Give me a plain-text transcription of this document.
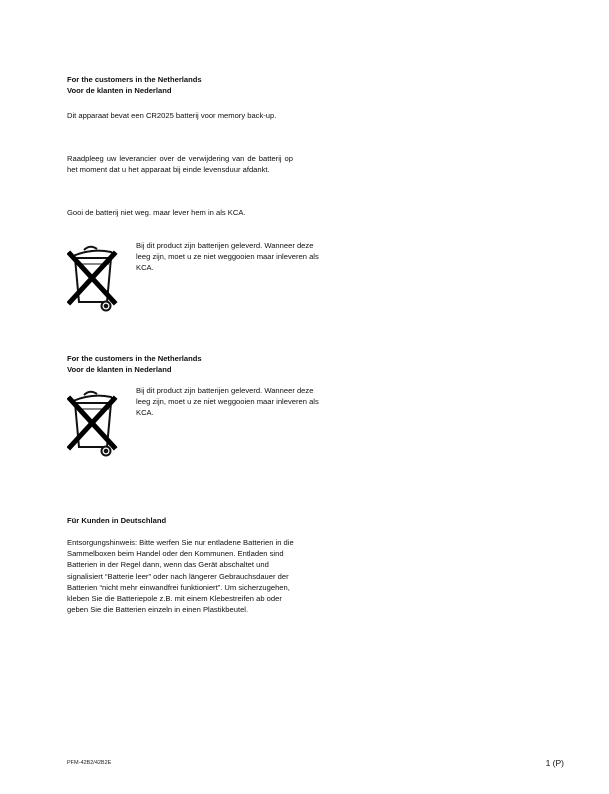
For the customers in the Netherlands
Voor de klanten in Nederland
Dit apparaat bevat een CR2025 batterij voor memory back-up.
Raadpleeg uw leverancier over de verwijdering van de batterij op het moment dat u het apparaat bij einde levensduur afdankt.
Gooi de batterij niet weg. maar lever hem in als KCA.
Bij dit product zijn batterijen geleverd. Wanneer deze leeg zijn, moet u ze niet weggooien maar inleveren als KCA.
For the customers in the Netherlands
Voor de klanten in Nederland
Bij dit product zijn batterijen geleverd. Wanneer deze leeg zijn, moet u ze niet weggooien maar inleveren als KCA.
Für Kunden in Deutschland
Entsorgungshinweis: Bitte werfen Sie nur entladene Batterien in die Sammelboxen beim Handel oder den Kommunen. Entladen sind Batterien in der Regel dann, wenn das Gerät abschaltet und signalisiert “Batterie leer” oder nach längerer Gebrauchsdauer der Batterien “nicht mehr einwandfrei funktioniert”. Um sicherzugehen, kleben Sie die Batteriepole z.B. mit einem Klebestreifen ab oder geben Sie die Batterien einzeln in einen Plastikbeutel.
PFM-42B2/42B2E	1 (P)
